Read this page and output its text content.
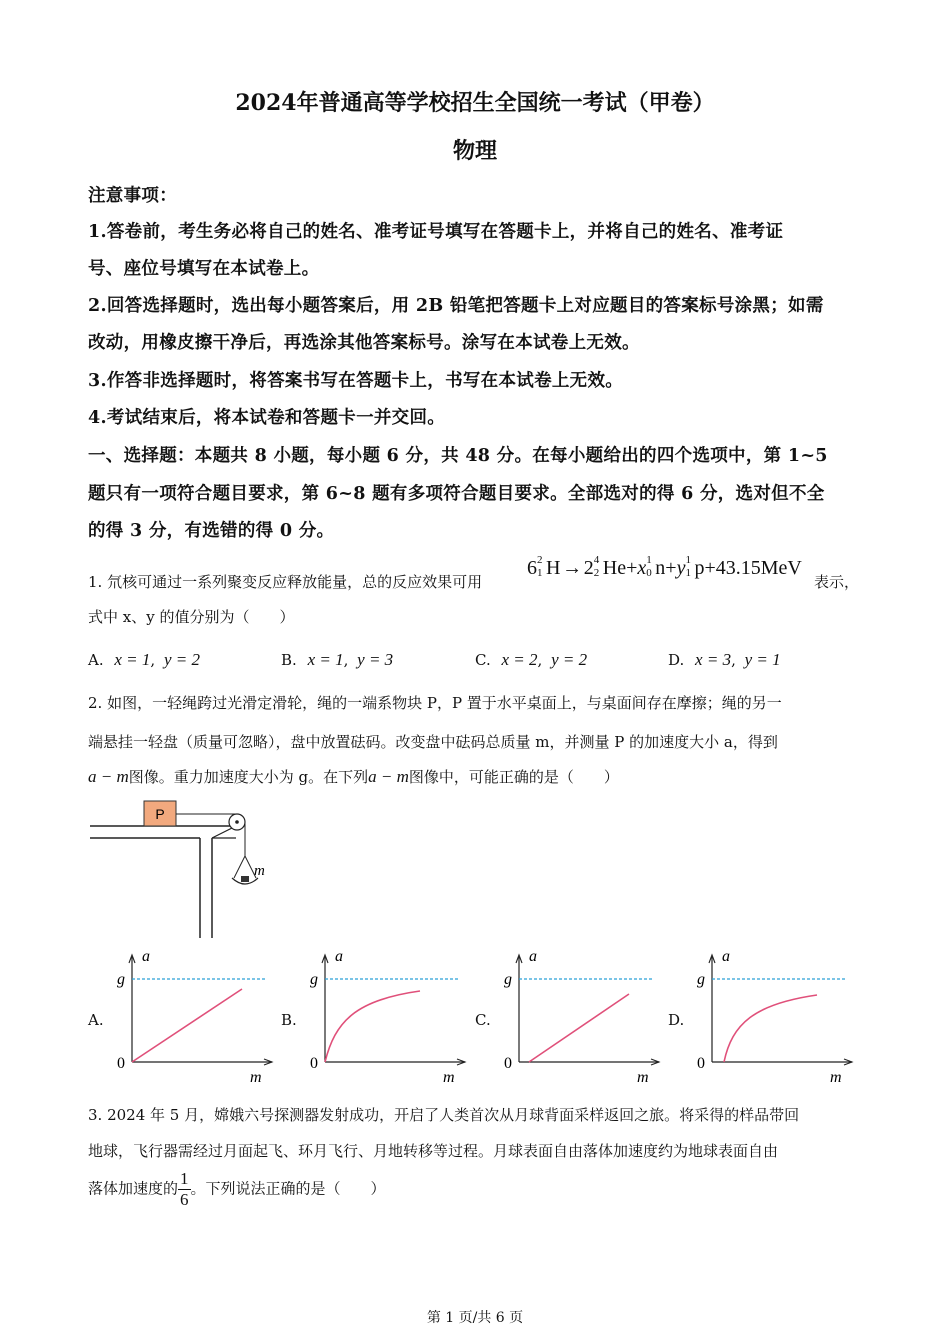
2024年普通高等学校招生全国统一考试（甲卷）
物理
注意事项：
1.答卷前，考生务必将自己的姓名、准考证号填写在答题卡上，并将自己的姓名、准考证
号、座位号填写在本试卷上。
2.回答选择题时，选出每小题答案后，用 2B 铅笔把答题卡上对应题目的答案标号涂黑；如需
改动，用橡皮擦干净后，再选涂其他答案标号。涂写在本试卷上无效。
3.作答非选择题时，将答案书写在答题卡上，书写在本试卷上无效。
4.考试结束后，将本试卷和答题卡一并交回。
一、选择题：本题共 8 小题，每小题 6 分，共 48 分。在每小题给出的四个选项中，第 1~5
题只有一项符合题目要求，第 6~8 题有多项符合题目要求。全部选对的得 6 分，选对但不全
的得 3 分，有选错的得 0 分。
1. 氘核可通过一系列聚变反应释放能量，总的反应效果可用
6 2
1 H → 2 4
2 He+x 1
0 n+y 1
1 p+43.15MeV
表示，
式中 x、y 的值分别为（　　）
A. x = 1, y = 2	B. x = 1, y = 3	C. x = 2, y = 2	D. x = 3, y = 1
2. 如图，一轻绳跨过光滑定滑轮，绳的一端系物块 P，P 置于水平桌面上，与桌面间存在摩擦；绳的另一
端悬挂一轻盘（质量可忽略），盘中放置砝码。改变盘中砝码总质量 m，并测量 P 的加速度大小 a，得到
a − m图像。重力加速度大小为 g。在下列a − m图像中，可能正确的是（　　）
P
m
A.
a
g
0
m
B.
a
g
0
m
C.
a
g
0
m
D.
a
g
0
m
3. 2024 年 5 月，嫦娥六号探测器发射成功，开启了人类首次从月球背面采样返回之旅。将采得的样品带回
地球，飞行器需经过月面起飞、环月飞行、月地转移等过程。月球表面自由落体加速度约为地球表面自由
落体加速度的 $\frac{1}{6}$ 。下列说法正确的是（　　）
第 1 页/共 6 页
